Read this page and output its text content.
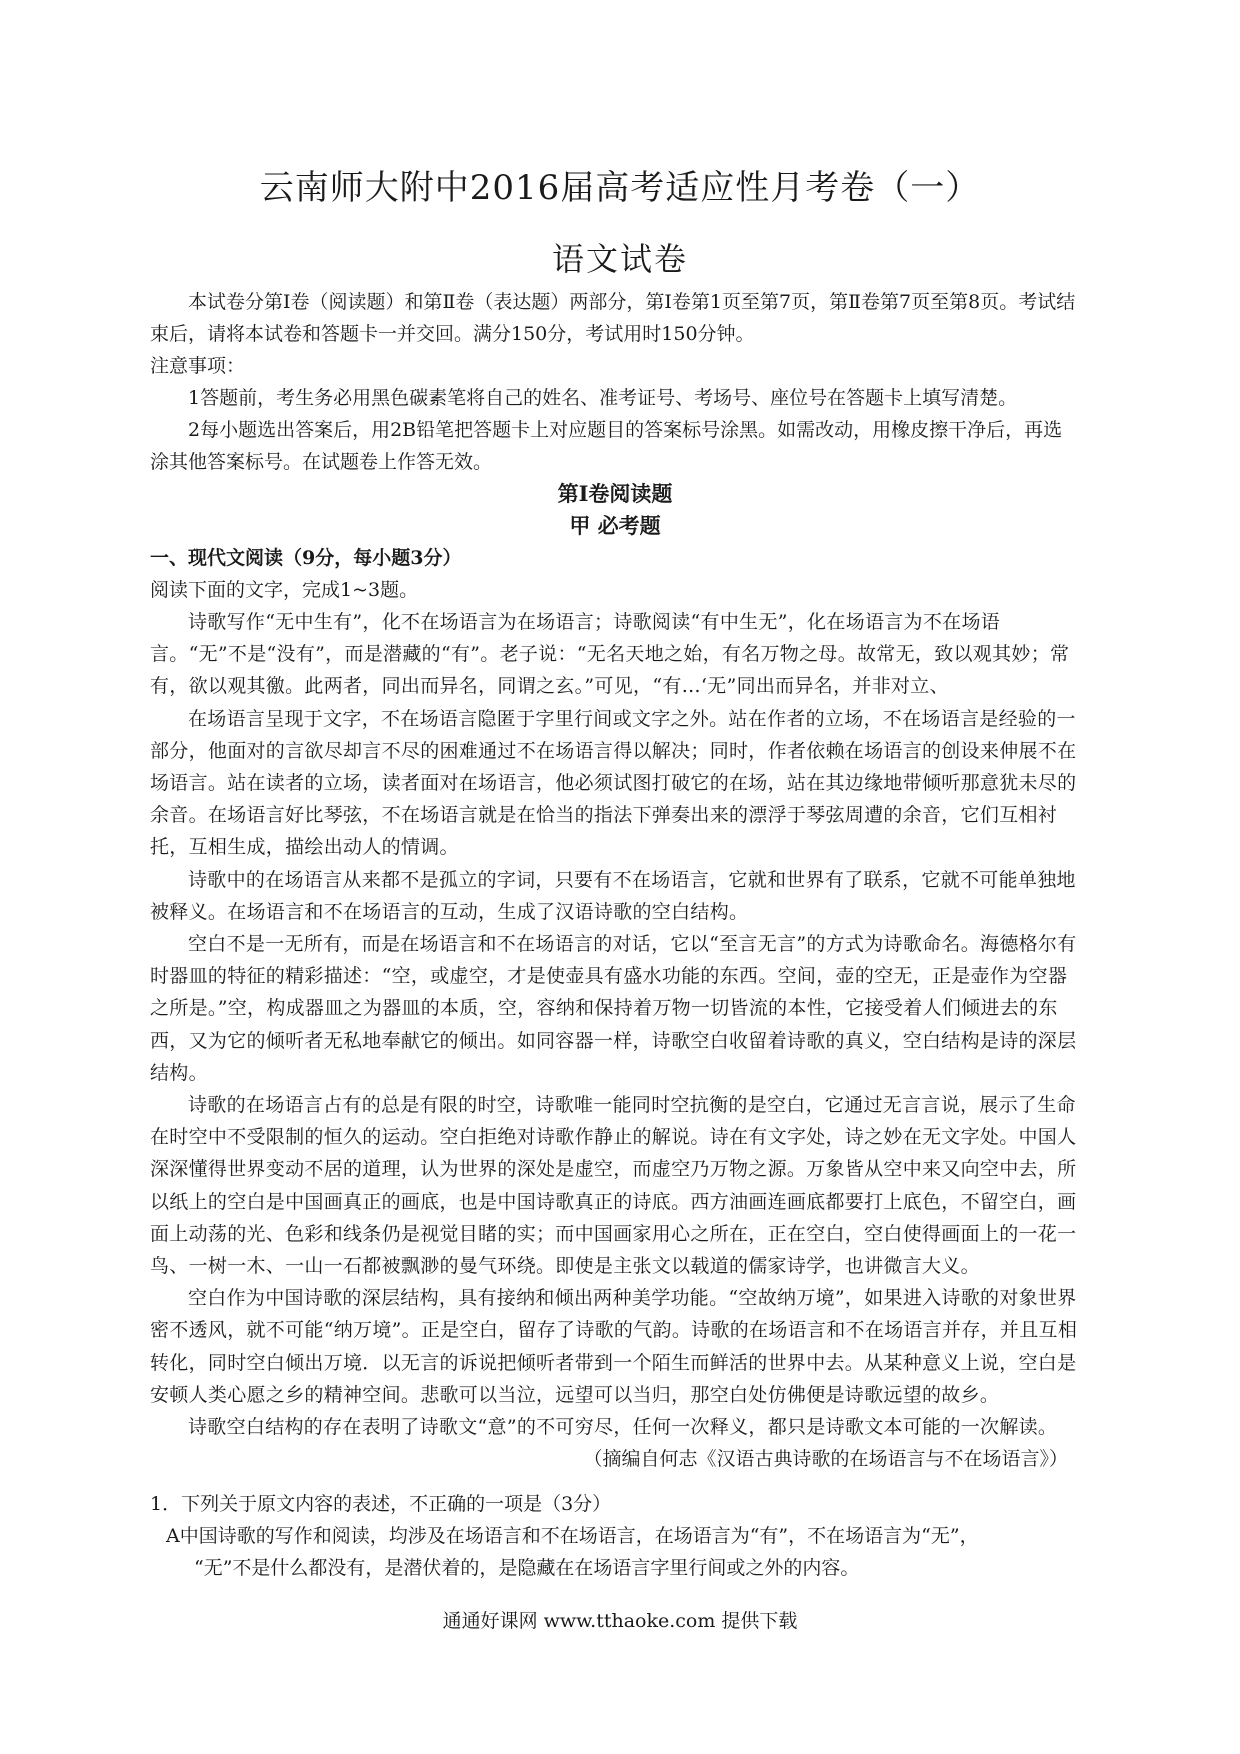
云南师大附中2016届高考适应性月考卷（一）
语文试卷

本试卷分第Ⅰ卷（阅读题）和第Ⅱ卷（表达题）两部分，第Ⅰ卷第1页至第7页，第Ⅱ卷第7页至第8页。考试结束后，请将本试卷和答题卡一并交回。满分150分，考试用时150分钟。

注意事项：

1答题前，考生务必用黑色碳素笔将自己的姓名、准考证号、考场号、座位号在答题卡上填写清楚。

2每小题选出答案后，用2B铅笔把答题卡上对应题目的答案标号涂黑。如需改动，用橡皮擦干净后，再选涂其他答案标号。在试题卷上作答无效。

第Ⅰ卷阅读题

甲 必考题

一、现代文阅读（9分，每小题3分）

阅读下面的文字，完成1~3题。

诗歌写作“无中生有”，化不在场语言为在场语言；诗歌阅读“有中生无”，化在场语言为不在场语言。“无”不是“没有”，而是潜藏的“有”。老子说：“无名天地之始，有名万物之母。故常无，致以观其妙；常有，欲以观其徼。此两者，同出而异名，同谓之玄。”可见，“有…‘无”同出而异名，并非对立、

在场语言呈现于文字，不在场语言隐匿于字里行间或文字之外。站在作者的立场，不在场语言是经验的一部分，他面对的言欲尽却言不尽的困难通过不在场语言得以解决；同时，作者依赖在场语言的创设来伸展不在场语言。站在读者的立场，读者面对在场语言，他必须试图打破它的在场，站在其边缘地带倾听那意犹未尽的余音。在场语言好比琴弦，不在场语言就是在恰当的指法下弹奏出来的漂浮于琴弦周遭的余音，它们互相衬托，互相生成，描绘出动人的情调。

诗歌中的在场语言从来都不是孤立的字词，只要有不在场语言，它就和世界有了联系，它就不可能单独地被释义。在场语言和不在场语言的互动，生成了汉语诗歌的空白结构。

空白不是一无所有，而是在场语言和不在场语言的对话，它以“至言无言”的方式为诗歌命名。海德格尔有时器皿的特征的精彩描述：“空，或虚空，才是使壶具有盛水功能的东西。空间，壶的空无，正是壶作为空器之所是。”空，构成器皿之为器皿的本质，空，容纳和保持着万物一切皆流的本性，它接受着人们倾进去的东西，又为它的倾听者无私地奉献它的倾出。如同容器一样，诗歌空白收留着诗歌的真义，空白结构是诗的深层结构。

诗歌的在场语言占有的总是有限的时空，诗歌唯一能同时空抗衡的是空白，它通过无言言说，展示了生命在时空中不受限制的恒久的运动。空白拒绝对诗歌作静止的解说。诗在有文字处，诗之妙在无文字处。中国人深深懂得世界变动不居的道理，认为世界的深处是虚空，而虚空乃万物之源。万象皆从空中来又向空中去，所以纸上的空白是中国画真正的画底，也是中国诗歌真正的诗底。西方油画连画底都要打上底色，不留空白，画面上动荡的光、色彩和线条仍是视觉目睹的实；而中国画家用心之所在，正在空白，空白使得画面上的一花一鸟、一树一木、一山一石都被飘渺的曼气环绕。即使是主张文以载道的儒家诗学，也讲微言大义。

空白作为中国诗歌的深层结构，具有接纳和倾出两种美学功能。“空故纳万境”，如果进入诗歌的对象世界密不透风，就不可能“纳万境”。正是空白，留存了诗歌的气韵。诗歌的在场语言和不在场语言并存，并且互相转化，同时空白倾出万境．以无言的诉说把倾听者带到一个陌生而鲜活的世界中去。从某种意义上说，空白是安顿人类心愿之乡的精神空间。悲歌可以当泣，远望可以当归，那空白处仿佛便是诗歌远望的故乡。

诗歌空白结构的存在表明了诗歌文“意”的不可穷尽，任何一次释义，都只是诗歌文本可能的一次解读。

（摘编自何志《汉语古典诗歌的在场语言与不在场语言》）

1．下列关于原文内容的表述，不正确的一项是（3分）

A中国诗歌的写作和阅读，均涉及在场语言和不在场语言，在场语言为“有”，不在场语言为“无”，

“无”不是什么都没有，是潜伏着的，是隐藏在在场语言字里行间或之外的内容。

通通好课网 www.tthaoke.com 提供下载
